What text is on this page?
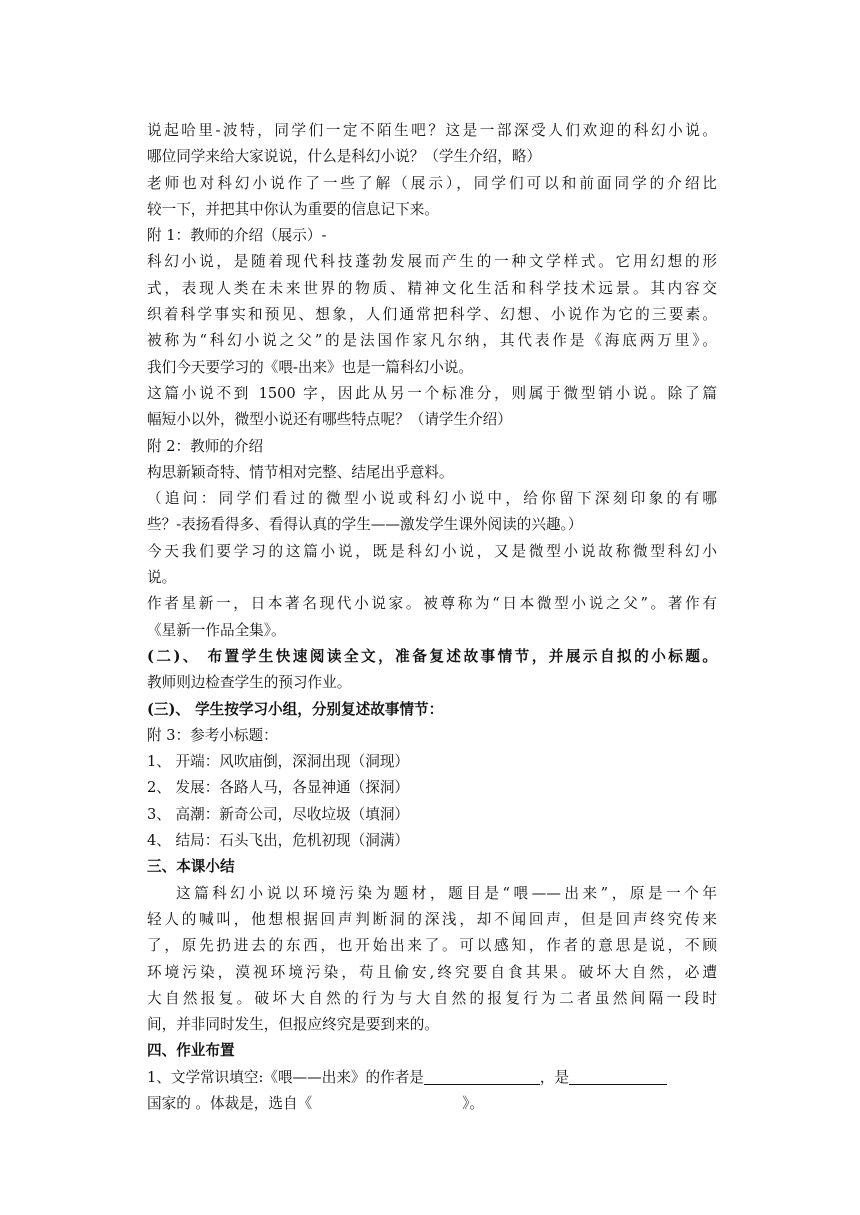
说起哈里-波特，同学们一定不陌生吧？这是一部深受人们欢迎的科幻小说。
哪位同学来给大家说说，什么是科幻小说？（学生介绍，略）
老师也对科幻小说作了一些了解（展示），同学们可以和前面同学的介绍比
较一下，并把其中你认为重要的信息记下来。
附 1：教师的介绍（展示）-
科幻小说，是随着现代科技蓬勃发展而产生的一种文学样式。它用幻想的形
式，表现人类在未来世界的物质、精神文化生活和科学技术远景。其内容交
织着科学事实和预见、想象，人们通常把科学、幻想、小说作为它的三要素。
被称为“科幻小说之父”的是法国作家凡尔纳，其代表作是《海底两万里》。
我们今天要学习的《喂-出来》也是一篇科幻小说。
这篇小说不到 1500 字，因此从另一个标准分，则属于微型销小说。除了篇
幅短小以外，微型小说还有哪些特点呢？（请学生介绍）
附 2：教师的介绍
构思新颖奇特、情节相对完整、结尾出乎意料。
（追问：同学们看过的微型小说或科幻小说中，给你留下深刻印象的有哪
些？-表扬看得多、看得认真的学生——激发学生课外阅读的兴趣。）
今天我们要学习的这篇小说，既是科幻小说，又是微型小说故称微型科幻小
说。
作者星新一，日本著名现代小说家。被尊称为“日本微型小说之父”。著作有
《星新一作品全集》。
(二)、 布置学生快速阅读全文，准备复述故事情节，并展示自拟的小标题。
教师则边检查学生的预习作业。
(三)、 学生按学习小组，分别复述故事情节：
附 3：参考小标题：
1、 开端：风吹庙倒，深洞出现（洞现）
2、 发展：各路人马，各显神通（探洞）
3、 高潮：新奇公司，尽收垃圾（填洞）
4、 结局：石头飞出，危机初现（洞满）
三、本课小结
这篇科幻小说以环境污染为题材，题目是“喂——出来”，原是一个年
轻人的喊叫，他想根据回声判断洞的深浅，却不闻回声，但是回声终究传来
了，原先扔进去的东西，也开始出来了。可以感知，作者的意思是说，不顾
环境污染，漠视环境污染，苟且偷安,终究要自食其果。破坏大自然，必遭
大自然报复。破坏大自然的行为与大自然的报复行为二者虽然间隔一段时
间，并非同时发生，但报应终究是要到来的。
四、作业布置
1、文学常识填空:《喂——出来》的作者是	，是
国家的 。体裁是，选自《	》。
